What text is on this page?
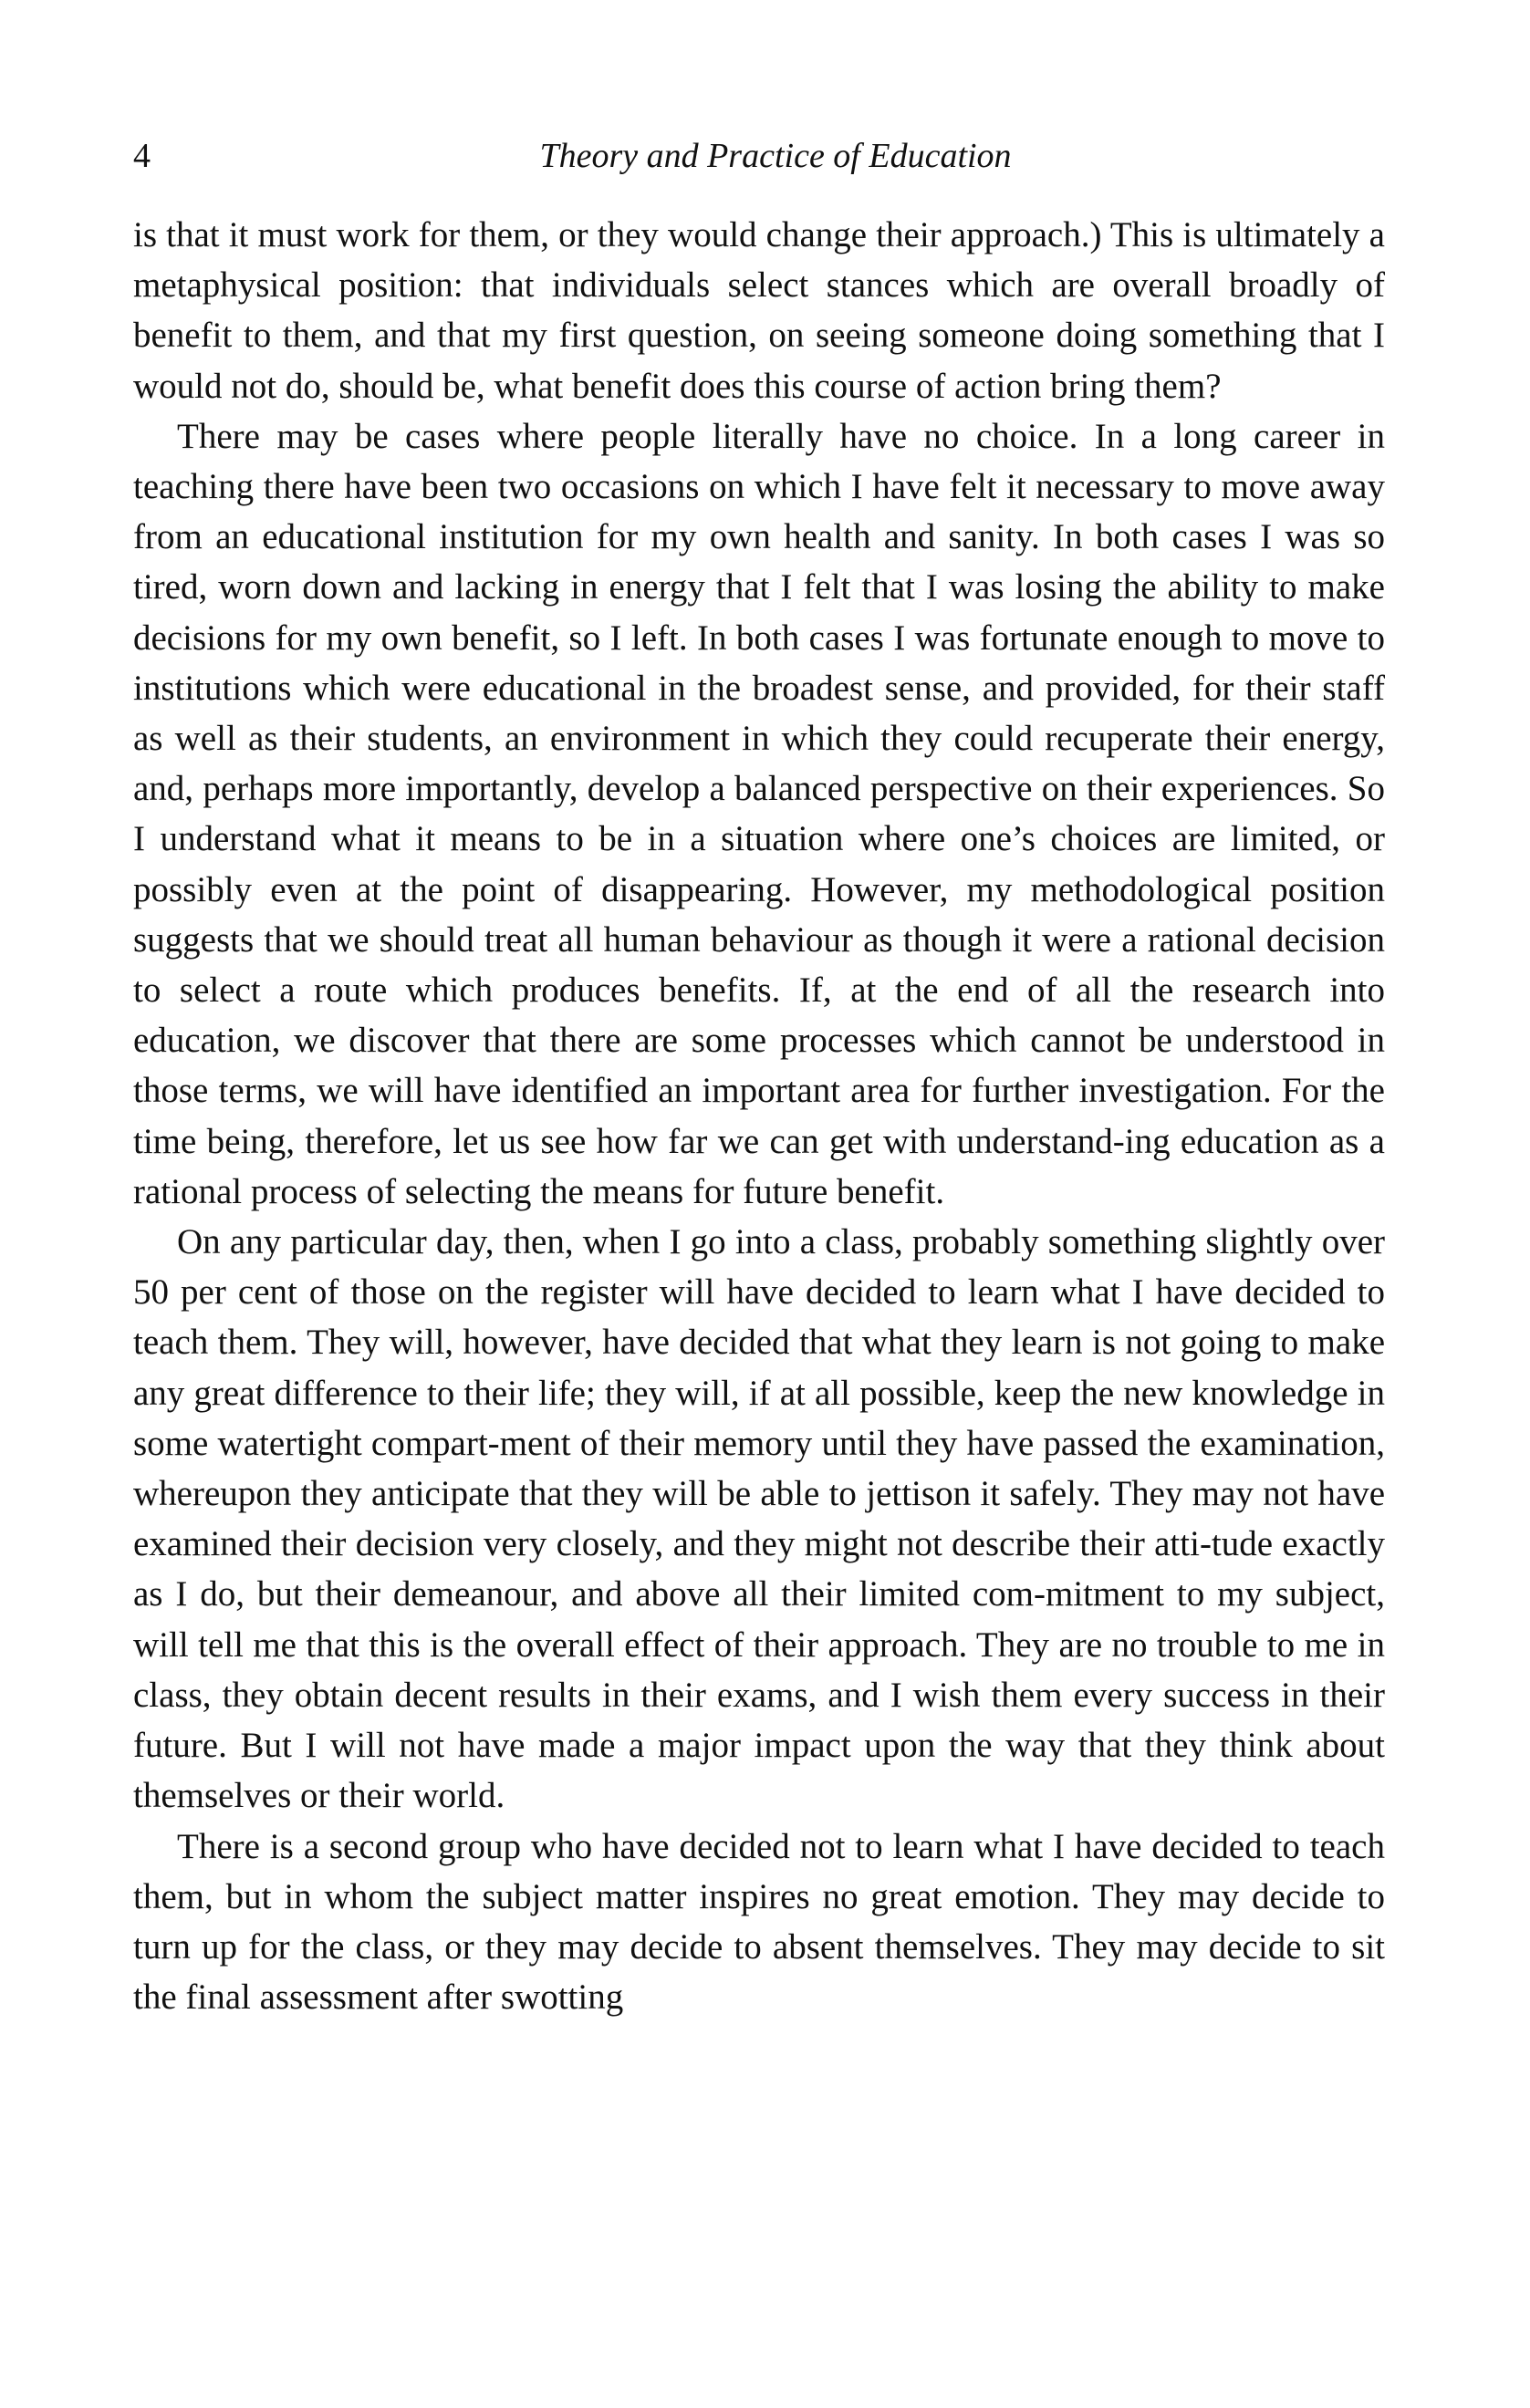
4	Theory and Practice of Education

is that it must work for them, or they would change their approach.) This is ultimately a metaphysical position: that individuals select stances which are overall broadly of benefit to them, and that my first question, on seeing someone doing something that I would not do, should be, what benefit does this course of action bring them?

There may be cases where people literally have no choice. In a long career in teaching there have been two occasions on which I have felt it necessary to move away from an educational institution for my own health and sanity. In both cases I was so tired, worn down and lacking in energy that I felt that I was losing the ability to make decisions for my own benefit, so I left. In both cases I was fortunate enough to move to institutions which were educational in the broadest sense, and provided, for their staff as well as their students, an environment in which they could recuperate their energy, and, perhaps more importantly, develop a balanced perspective on their experiences. So I understand what it means to be in a situation where one’s choices are limited, or possibly even at the point of disappearing. However, my methodological position suggests that we should treat all human behaviour as though it were a rational decision to select a route which produces benefits. If, at the end of all the research into education, we discover that there are some processes which cannot be understood in those terms, we will have identified an important area for further investigation. For the time being, therefore, let us see how far we can get with understand-ing education as a rational process of selecting the means for future benefit.

On any particular day, then, when I go into a class, probably something slightly over 50 per cent of those on the register will have decided to learn what I have decided to teach them. They will, however, have decided that what they learn is not going to make any great difference to their life; they will, if at all possible, keep the new knowledge in some watertight compart-ment of their memory until they have passed the examination, whereupon they anticipate that they will be able to jettison it safely. They may not have examined their decision very closely, and they might not describe their atti-tude exactly as I do, but their demeanour, and above all their limited com-mitment to my subject, will tell me that this is the overall effect of their approach. They are no trouble to me in class, they obtain decent results in their exams, and I wish them every success in their future. But I will not have made a major impact upon the way that they think about themselves or their world.

There is a second group who have decided not to learn what I have decided to teach them, but in whom the subject matter inspires no great emotion. They may decide to turn up for the class, or they may decide to absent themselves. They may decide to sit the final assessment after swotting
